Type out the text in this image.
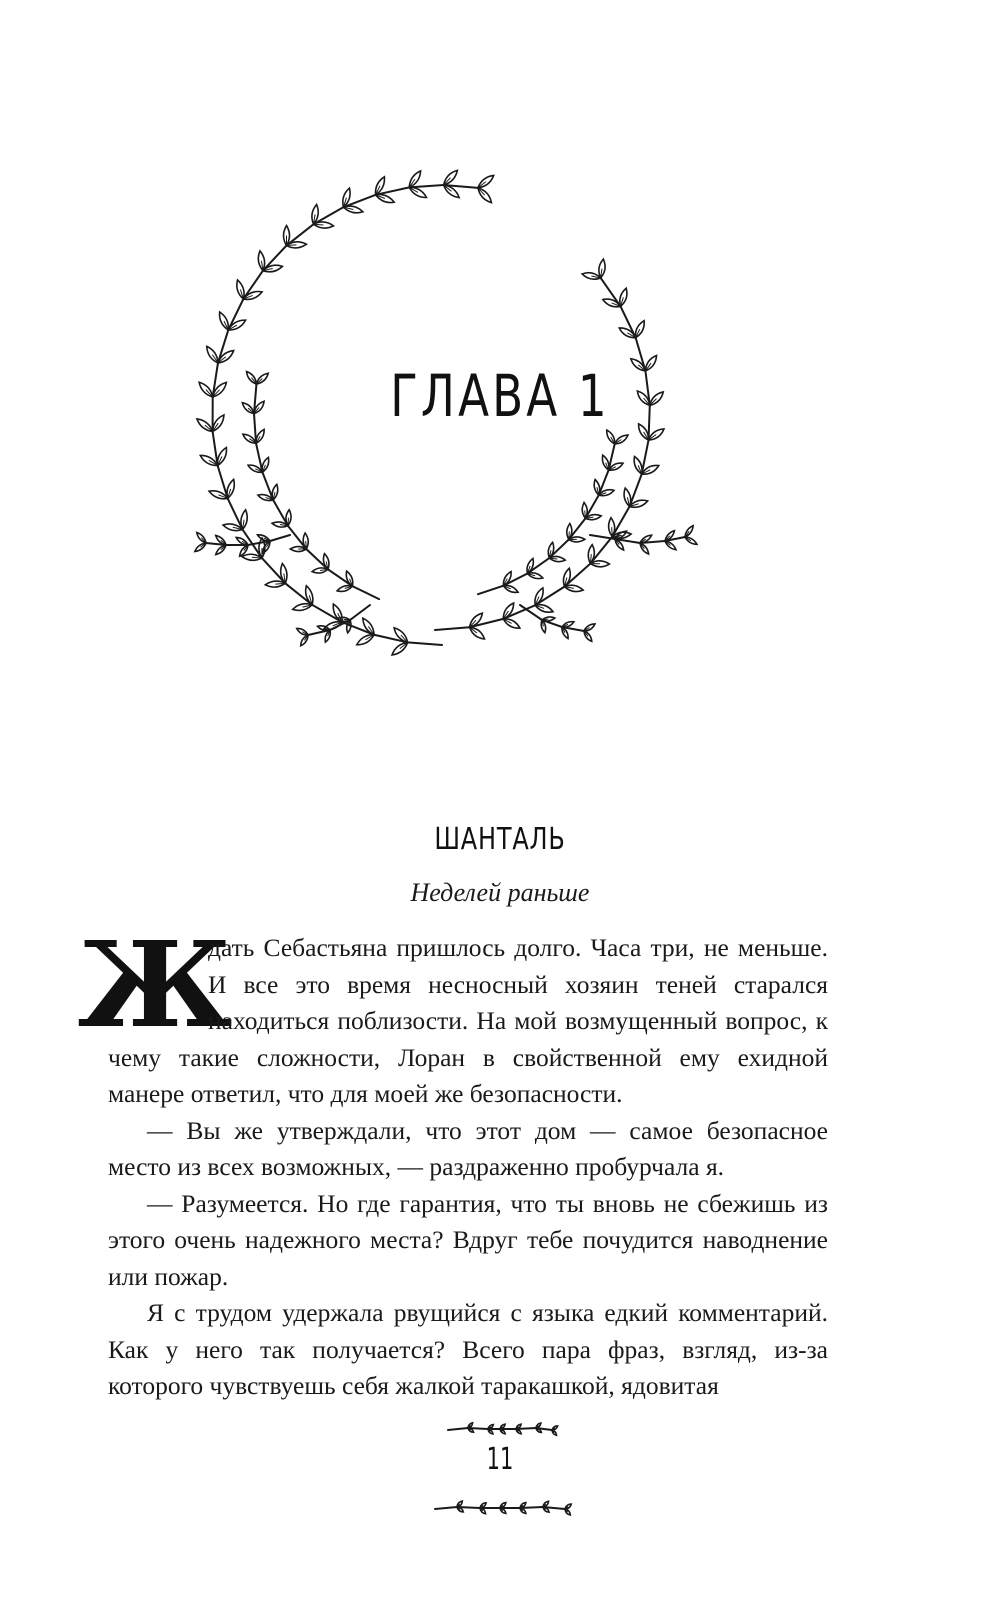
ГЛАВА 1
ШАНТАЛЬ
Неделей раньше

Ж
дать Себастьяна пришлось долго. Часа три, не меньше. И все это время несносный хозяин теней старался находиться поблизости. На мой возмущенный вопрос, к чему такие сложности, Лоран в свойственной ему ехидной манере ответил, что для моей же безопасности.

— Вы же утверждали, что этот дом — самое безопасное место из всех возможных, — раздраженно пробурчала я.

— Разумеется. Но где гарантия, что ты вновь не сбежишь из этого очень надежного места? Вдруг тебе почудится наводнение или пожар.

Я с трудом удержала рвущийся с языка едкий комментарий. Как у него так получается? Всего пара фраз, взгляд, из-за которого чувствуешь себя жалкой таракашкой, ядовитая

11
